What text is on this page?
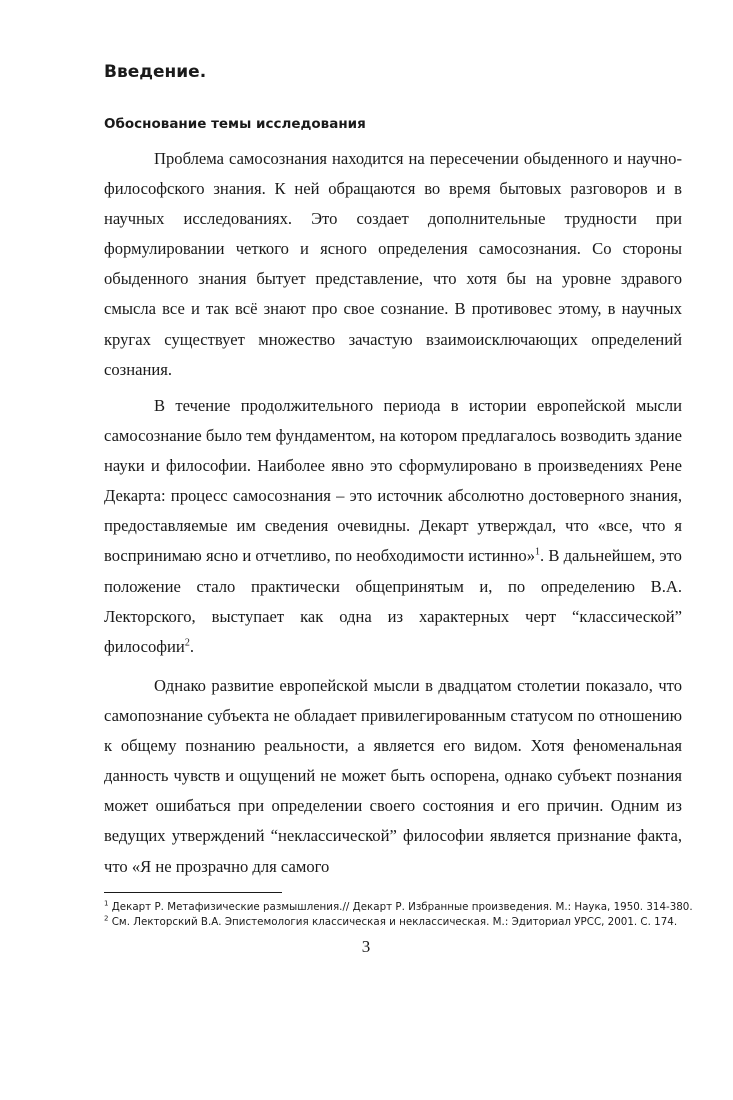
Введение.
Обоснование темы исследования

Проблема самосознания находится на пересечении обыденного и научно-философского знания. К ней обращаются во время бытовых разговоров и в научных исследованиях. Это создает дополнительные трудности при формулировании четкого и ясного определения самосознания. Со стороны обыденного знания бытует представление, что хотя бы на уровне здравого смысла все и так всё знают про свое сознание. В противовес этому, в научных кругах существует множество зачастую взаимоисключающих определений сознания.

В течение продолжительного периода в истории европейской мысли самосознание было тем фундаментом, на котором предлагалось возводить здание науки и философии. Наиболее явно это сформулировано в произведениях Рене Декарта: процесс самосознания – это источник абсолютно достоверного знания, предоставляемые им сведения очевидны. Декарт утверждал, что «все, что я воспринимаю ясно и отчетливо, по необходимости истинно»$^1$. В дальнейшем, это положение стало практически общепринятым и, по определению В.А. Лекторского, выступает как одна из характерных черт “классической” философии$^2$.

Однако развитие европейской мысли в двадцатом столетии показало, что самопознание субъекта не обладает привилегированным статусом по отношению к общему познанию реальности, а является его видом. Хотя феноменальная данность чувств и ощущений не может быть оспорена, однако субъект познания может ошибаться при определении своего состояния и его причин. Одним из ведущих утверждений “неклассической” философии является признание факта, что «Я не прозрачно для самого

$^1$ Декарт Р. Метафизические размышления.// Декарт Р. Избранные произведения. М.: Наука, 1950. 314-380.
$^2$ См. Лекторский В.А. Эпистемология классическая и неклассическая. М.: Эдиториал УРСС, 2001. С. 174.
3
